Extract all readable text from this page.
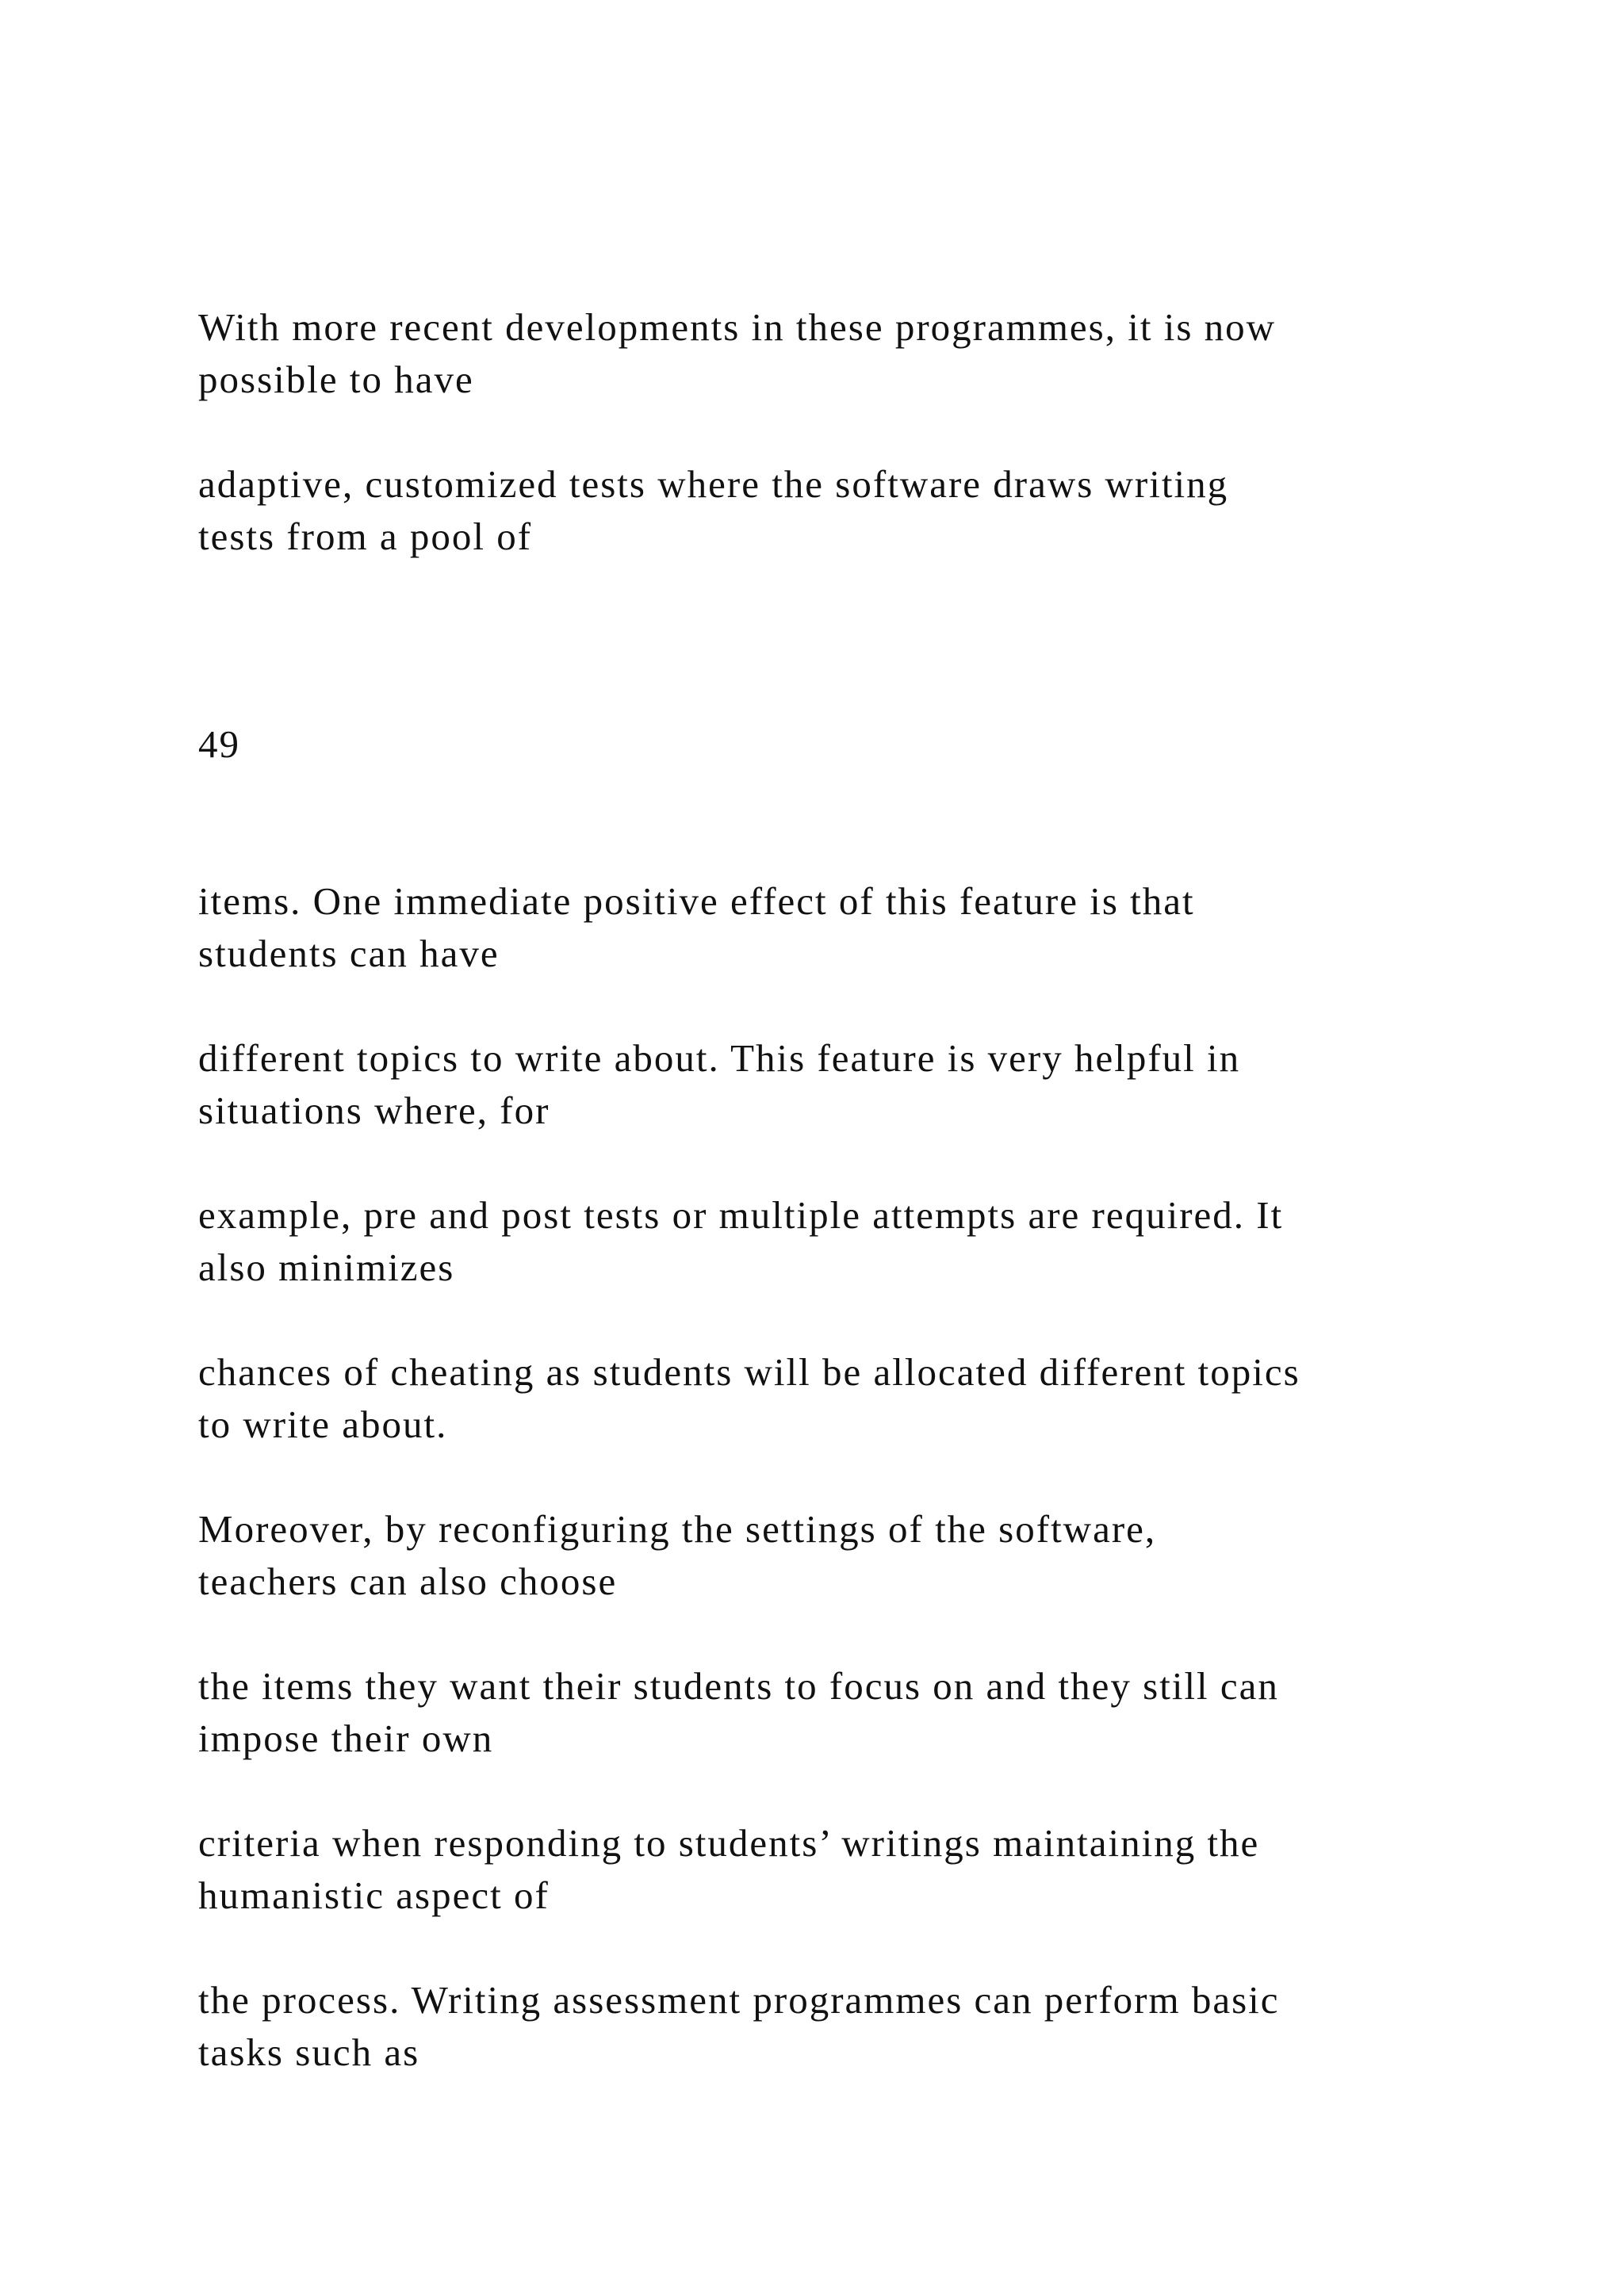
With more recent developments in these programmes, it is now

possible to have

adaptive, customized tests where the software draws writing

tests from a pool of

49

items. One immediate positive effect of this feature is that

students can have

different topics to write about. This feature is very helpful in

situations where, for

example, pre and post tests or multiple attempts are required. It

also minimizes

chances of cheating as students will be allocated different topics

to write about.

Moreover, by reconfiguring the settings of the software,

teachers can also choose

the items they want their students to focus on and they still can

impose their own

criteria when responding to students’ writings maintaining the

humanistic aspect of

the process. Writing assessment programmes can perform basic

tasks such as
